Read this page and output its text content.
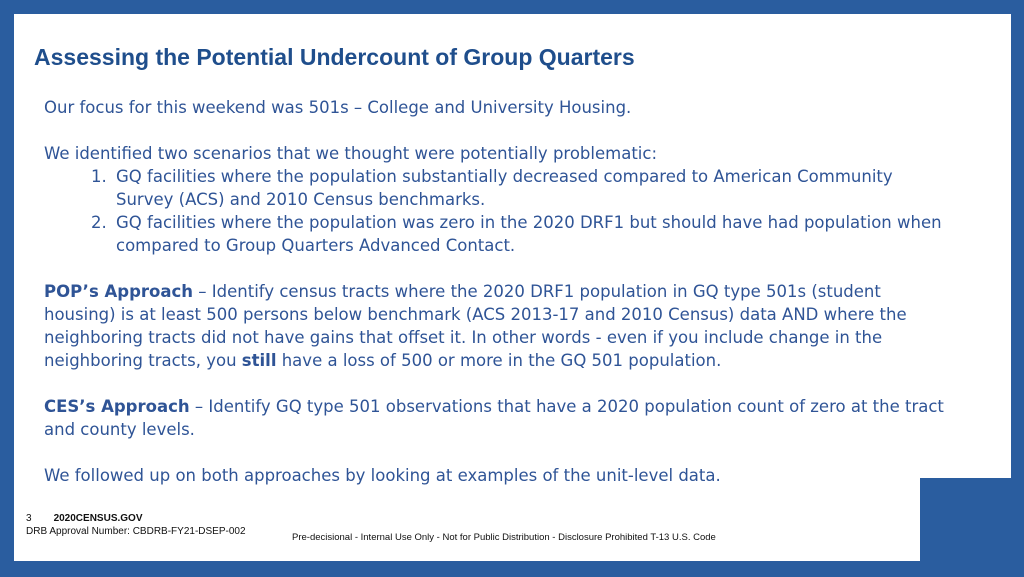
Assessing the Potential Undercount of Group Quarters

Our focus for this weekend was 501s – College and University Housing.

We identified two scenarios that we thought were potentially problematic:

1. GQ facilities where the population substantially decreased compared to American Community Survey (ACS) and 2010 Census benchmarks.
2. GQ facilities where the population was zero in the 2020 DRF1 but should have had population when compared to Group Quarters Advanced Contact.

POP’s Approach – Identify census tracts where the 2020 DRF1 population in GQ type 501s (student housing) is at least 500 persons below benchmark (ACS 2013-17 and 2010 Census) data AND where the neighboring tracts did not have gains that offset it. In other words - even if you include change in the neighboring tracts, you still have a loss of 500 or more in the GQ 501 population.

CES’s Approach – Identify GQ type 501 observations that have a 2020 population count of zero at the tract and county levels.

We followed up on both approaches by looking at examples of the unit-level data.

3 2020CENSUS.GOV
DRB Approval Number: CBDRB-FY21-DSEP-002
Pre-decisional - Internal Use Only - Not for Public Distribution - Disclosure Prohibited T-13 U.S. Code
